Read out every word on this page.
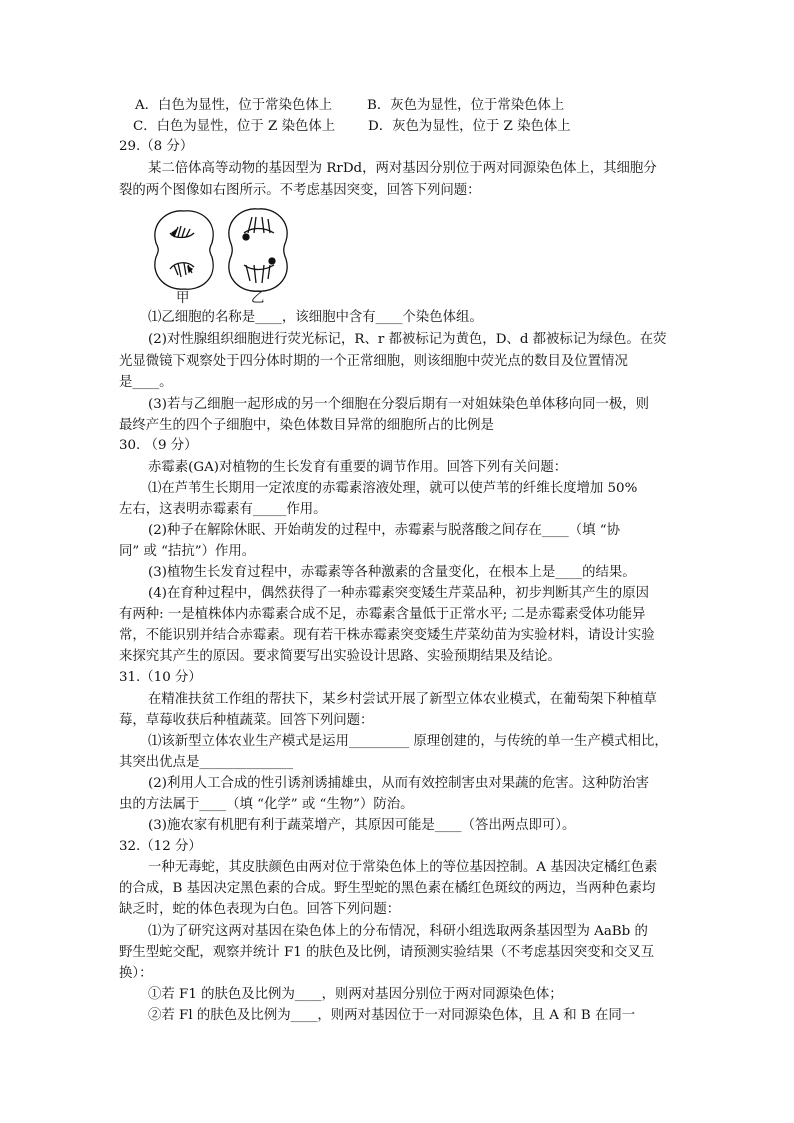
A．白色为显性，位于常染色体上	B．灰色为显性，位于常染色体上
C．白色为显性，位于 Z 染色体上 D．灰色为显性，位于 Z 染色体上
29.（8 分）
某二倍体高等动物的基因型为 RrDd，两对基因分别位于两对同源染色体上，其细胞分
裂的两个图像如右图所示。不考虑基因突变，回答下列问题：
甲	乙
⑴乙细胞的名称是____，该细胞中含有____个染色体组。
(2)对性腺组织细胞进行荧光标记，R、r 都被标记为黄色，D、d 都被标记为绿色。在荧
光显微镜下观察处于四分体时期的一个正常细胞，则该细胞中荧光点的数目及位置情况
是____。
(3)若与乙细胞一起形成的另一个细胞在分裂后期有一对姐妹染色单体移向同一极，则
最终产生的四个子细胞中，染色体数目异常的细胞所占的比例是
30. （9 分）
赤霉素(GA)对植物的生长发育有重要的调节作用。回答下列有关问题：
⑴在芦苇生长期用一定浓度的赤霉素溶液处理，就可以使芦苇的纤维长度增加 50%
左右，这表明赤霉素有_____作用。
(2)种子在解除休眠、开始萌发的过程中，赤霉素与脱落酸之间存在____（填 “协
同” 或 “拮抗”）作用。
(3)植物生长发育过程中，赤霉素等各种激素的含量变化，在根本上是____的结果。
(4)在育种过程中，偶然获得了一种赤霉素突变矮生芹菜品种，初步判断其产生的原因
有两种: 一是植株体内赤霉素合成不足，赤霉素含量低于正常水平; 二是赤霉素受体功能异
常，不能识别并结合赤霉素。现有若干株赤霉素突变矮生芹菜幼苗为实验材料，请设计实验
来探究其产生的原因。要求简要写出实验设计思路、实验预期结果及结论。
31.（10 分）
在精准扶贫工作组的帮扶下，某乡村尝试开展了新型立体农业模式，在葡萄架下种植草
莓，草莓收获后种植蔬菜。回答下列问题：
⑴该新型立体农业生产模式是运用_________ 原理创建的，与传统的单一生产模式相比，
其突出优点是______________
(2)利用人工合成的性引诱剂诱捕雄虫，从而有效控制害虫对果蔬的危害。这种防治害
虫的方法属于____（填 “化学” 或 “生物”）防治。
(3)施农家有机肥有利于蔬菜增产，其原因可能是____（答出两点即可）。
32.（12 分）
一种无毒蛇，其皮肤颜色由两对位于常染色体上的等位基因控制。A 基因决定橘红色素
的合成，B 基因决定黑色素的合成。野生型蛇的黑色素在橘红色斑纹的两边，当两种色素均
缺乏时，蛇的体色表现为白色。回答下列问题：
⑴为了研究这两对基因在染色体上的分布情况，科研小组选取两条基因型为 AaBb 的
野生型蛇交配，观察并统计 F1 的肤色及比例，请预测实验结果（不考虑基因突变和交叉互
换）：
①若 F1 的肤色及比例为____，则两对基因分别位于两对同源染色体；
②若 Fl 的肤色及比例为____，则两对基因位于一对同源染色体，且 A 和 B 在同一
